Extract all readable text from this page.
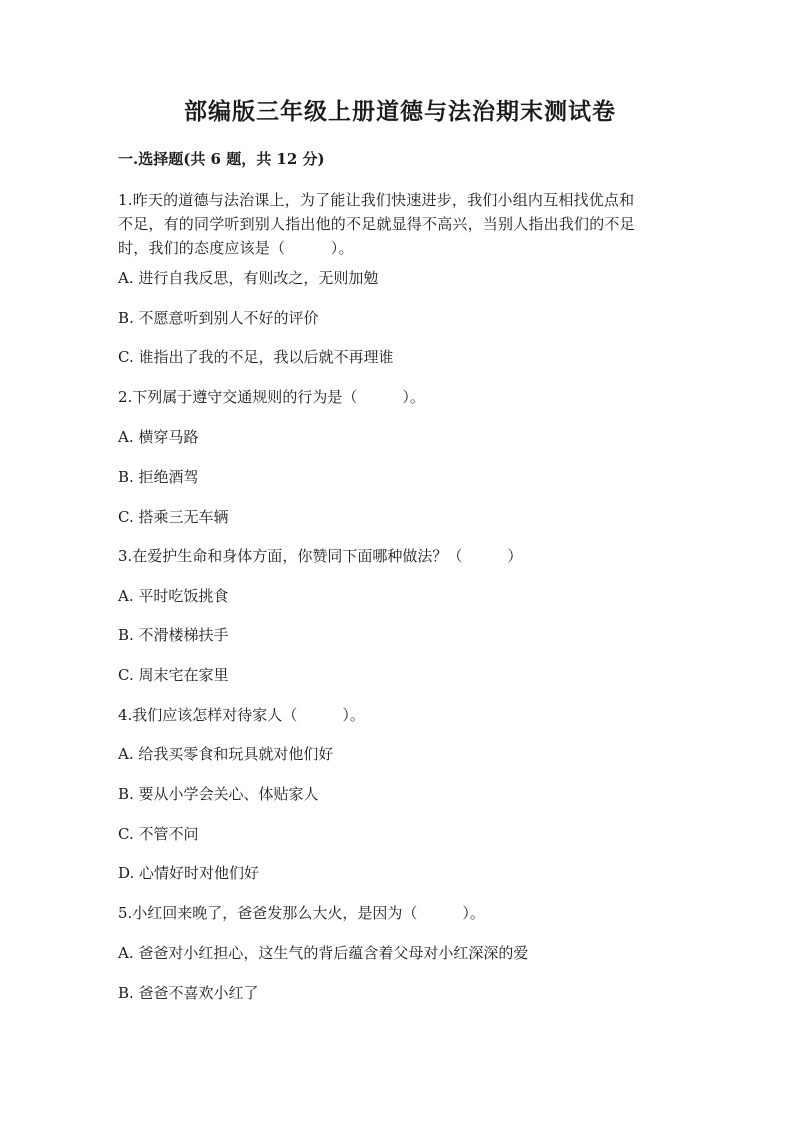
部编版三年级上册道德与法治期末测试卷
一.选择题(共 6 题，共 12 分)
1.昨天的道德与法治课上，为了能让我们快速进步，我们小组内互相找优点和
不足，有的同学听到别人指出他的不足就显得不高兴，当别人指出我们的不足
时，我们的态度应该是（　　　）。
A. 进行自我反思，有则改之，无则加勉
B. 不愿意听到别人不好的评价
C. 谁指出了我的不足，我以后就不再理谁
2.下列属于遵守交通规则的行为是（　　　）。
A. 横穿马路
B. 拒绝酒驾
C. 搭乘三无车辆
3.在爱护生命和身体方面，你赞同下面哪种做法？（　　　）
A. 平时吃饭挑食
B. 不滑楼梯扶手
C. 周末宅在家里
4.我们应该怎样对待家人（　　　）。
A. 给我买零食和玩具就对他们好
B. 要从小学会关心、体贴家人
C. 不管不问
D. 心情好时对他们好
5.小红回来晚了，爸爸发那么大火，是因为（　　　）。
A. 爸爸对小红担心，这生气的背后蕴含着父母对小红深深的爱
B. 爸爸不喜欢小红了
